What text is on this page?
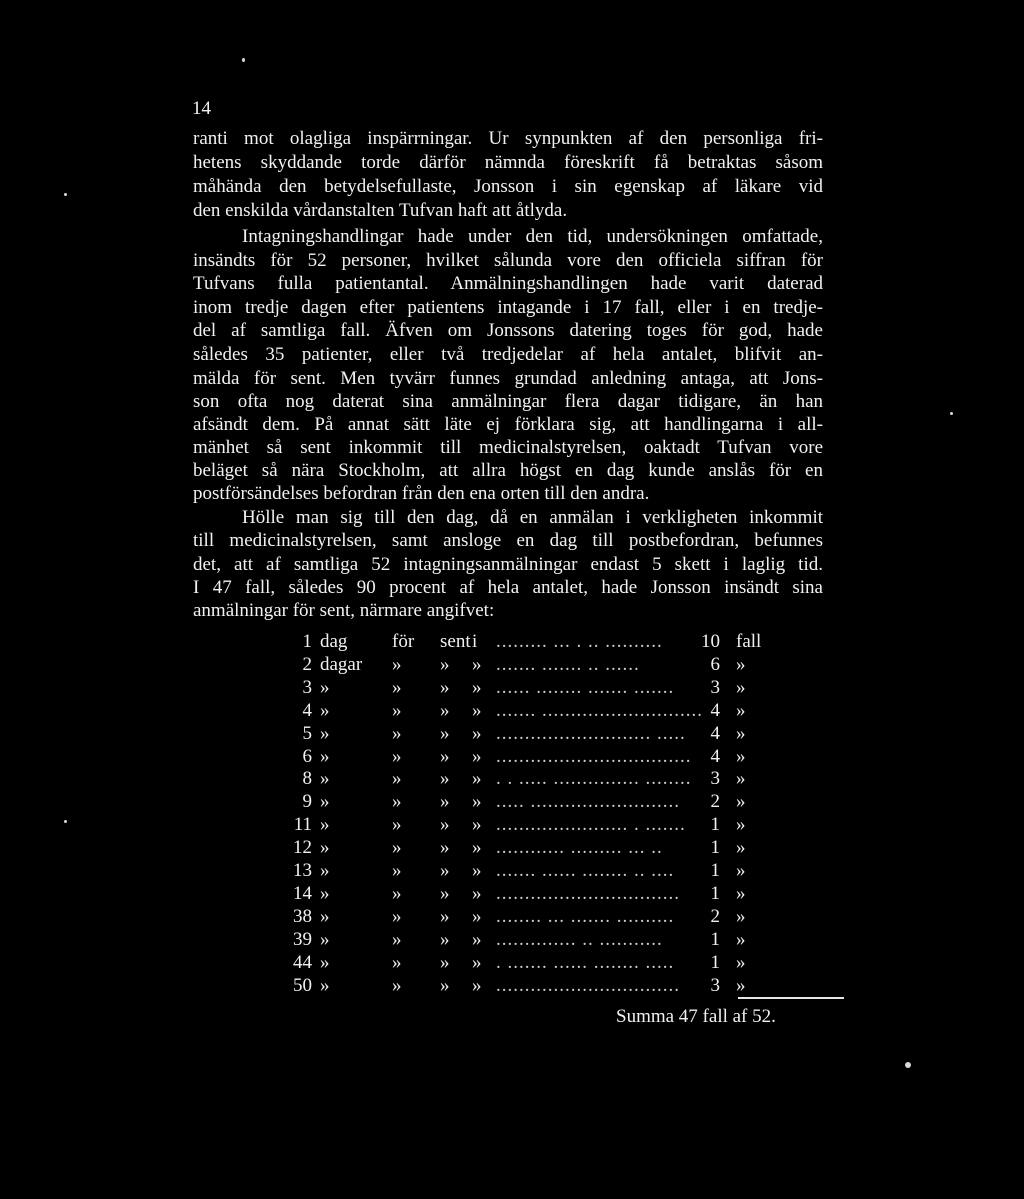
14
ranti mot olagliga inspärrningar. Ur synpunkten af den personliga fri-
hetens skyddande torde därför nämnda föreskrift få betraktas såsom
måhända den betydelsefullaste, Jonsson i sin egenskap af läkare vid
den enskilda vårdanstalten Tufvan haft att åtlyda.
Intagningshandlingar hade under den tid, undersökningen omfattade,
insändts för 52 personer, hvilket sålunda vore den officiela siffran för
Tufvans fulla patientantal. Anmälningshandlingen hade varit daterad
inom tredje dagen efter patientens intagande i 17 fall, eller i en tredje-
del af samtliga fall. Äfven om Jonssons datering toges för god, hade
således 35 patienter, eller två tredjedelar af hela antalet, blifvit an-
mälda för sent. Men tyvärr funnes grundad anledning antaga, att Jons-
son ofta nog daterat sina anmälningar flera dagar tidigare, än han
afsändt dem. På annat sätt läte ej förklara sig, att handlingarna i all-
mänhet så sent inkommit till medicinalstyrelsen, oaktadt Tufvan vore
beläget så nära Stockholm, att allra högst en dag kunde anslås för en
postförsändelses befordran från den ena orten till den andra.
Hölle man sig till den dag, då en anmälan i verkligheten inkommit
till medicinalstyrelsen, samt ansloge en dag till postbefordran, befunnes
det, att af samtliga 52 intagningsanmälningar endast 5 skett i laglig tid.
I 47 fall, således 90 procent af hela antalet, hade Jonsson insändt sina
anmälningar för sent, närmare angifvet:
1 dag för sent i ......... ... . .. ..........	10 fall
2 dagar » » » ....... ....... .. ......	6 »
3 »	» » » ...... ........ ....... .......	3 »
4 »	» » » ....... ............................ 4 »
5 »	» » » ........................... .....	4 »
6 »	» » » ..................................	4 »
8 »	» » » . . ..... ............... ........	3 »
9 »	» » » ..... ..........................	2 »
11 »	» » » ....................... . .......	1 »
12 »	» » » ............ ......... ... ..	1 »
13 »	» » » ....... ...... ........ .. ....	1 »
14 »	» » » ................................	1 »
38 »	» » » ........ ... ....... ..........	2 »
39 »	» » » .............. .. ...........	1 »
44 »	» » » . ....... ...... ........ .....	1 »
50 »	» » » ................................	3 »
Summa 47 fall af 52.
